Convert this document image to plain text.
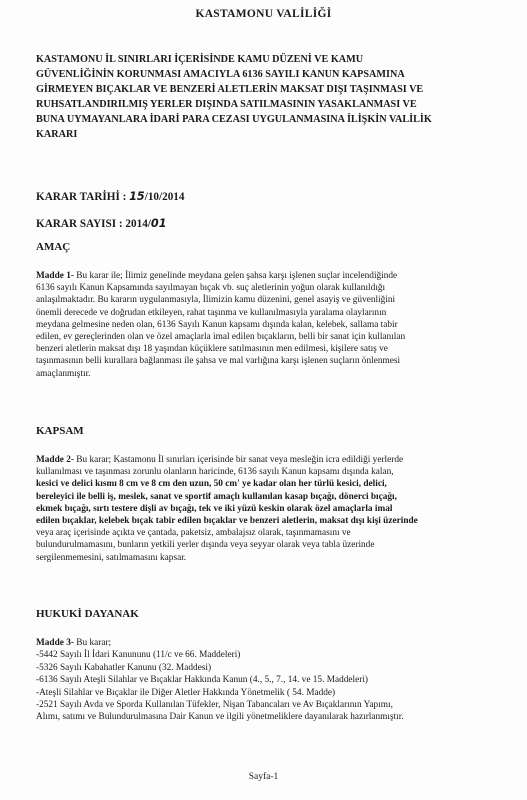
KASTAMONU VALİLİĞİ
KASTAMONU İL SINIRLARI İÇERİSİNDE KAMU DÜZENİ VE KAMU
GÜVENLİĞİNİN KORUNMASI AMACIYLA 6136 SAYILI KANUN KAPSAMINA
GİRMEYEN BIÇAKLAR VE BENZERİ ALETLERİN MAKSAT DIŞI TAŞINMASI VE
RUHSATLANDIRILMIŞ YERLER DIŞINDA SATILMASININ YASAKLANMASI VE
BUNA UYMAYANLARA İDARİ PARA CEZASI UYGULANMASINA İLİŞKİN VALİLİK
KARARI
KARAR TARİHİ : 15/10/2014
KARAR SAYISI : 2014/01
AMAÇ
Madde 1- Bu karar ile; İlimiz genelinde meydana gelen şahsa karşı işlenen suçlar incelendiğinde
6136 sayılı Kanun Kapsamında sayılmayan bıçak vb. suç aletlerinin yoğun olarak kullanıldığı
anlaşılmaktadır. Bu kararın uygulanmasıyla, İlimizin kamu düzenini, genel asayiş ve güvenliğini
önemli derecede ve doğrudan etkileyen, rahat taşınma ve kullanılmasıyla yaralama olaylarının
meydana gelmesine neden olan, 6136 Sayılı Kanun kapsamı dışında kalan, kelebek, sallama tabir
edilen, ev gereçlerinden olan ve özel amaçlarla imal edilen bıçakların, belli bir sanat için kullanılan
benzeri aletlerin maksat dışı 18 yaşından küçüklere satılmasının men edilmesi, kişilere satış ve
taşınmasının belli kurallara bağlanması ile şahsa ve mal varlığına karşı işlenen suçların önlenmesi
amaçlanmıştır.
KAPSAM
Madde 2- Bu karar; Kastamonu İl sınırları içerisinde bir sanat veya mesleğin icra edildiği yerlerde
kullanılması ve taşınması zorunlu olanların haricinde, 6136 sayılı Kanun kapsamı dışında kalan,
kesici ve delici kısmı 8 cm ve 8 cm den uzun, 50 cm' ye kadar olan her türlü kesici, delici,
bereleyici ile belli iş, meslek, sanat ve sportif amaçlı kullanılan kasap bıçağı, dönerci bıçağı,
ekmek bıçağı, sırtı testere dişli av bıçağı, tek ve iki yüzü keskin olarak özel amaçlarla imal
edilen bıçaklar, kelebek bıçak tabir edilen bıçaklar ve benzeri aletlerin, maksat dışı kişi üzerinde
veya araç içerisinde açıkta ve çantada, paketsiz, ambalajsız olarak, taşınmamasını ve
bulundurulmamasını, bunların yetkili yerler dışında veya seyyar olarak veya tabla üzerinde
sergilenmemesini, satılmamasını kapsar.
HUKUKİ DAYANAK
Madde 3- Bu karar;
-5442 Sayılı İl İdari Kanununu (11/c ve 66. Maddeleri)
-5326 Sayılı Kabahatler Kanunu (32. Maddesi)
-6136 Sayılı Ateşli Silahlar ve Bıçaklar Hakkında Kanun (4., 5., 7., 14. ve 15. Maddeleri)
-Ateşli Silahlar ve Bıçaklar ile Diğer Aletler Hakkında Yönetmelik ( 54. Madde)
-2521 Sayılı Avda ve Sporda Kullanılan Tüfekler, Nişan Tabancaları ve Av Bıçaklarının Yapımı,
Alımı, satımı ve Bulundurulmasına Dair Kanun ve ilgili yönetmeliklere dayanılarak hazırlanmıştır.
Sayfa-1
